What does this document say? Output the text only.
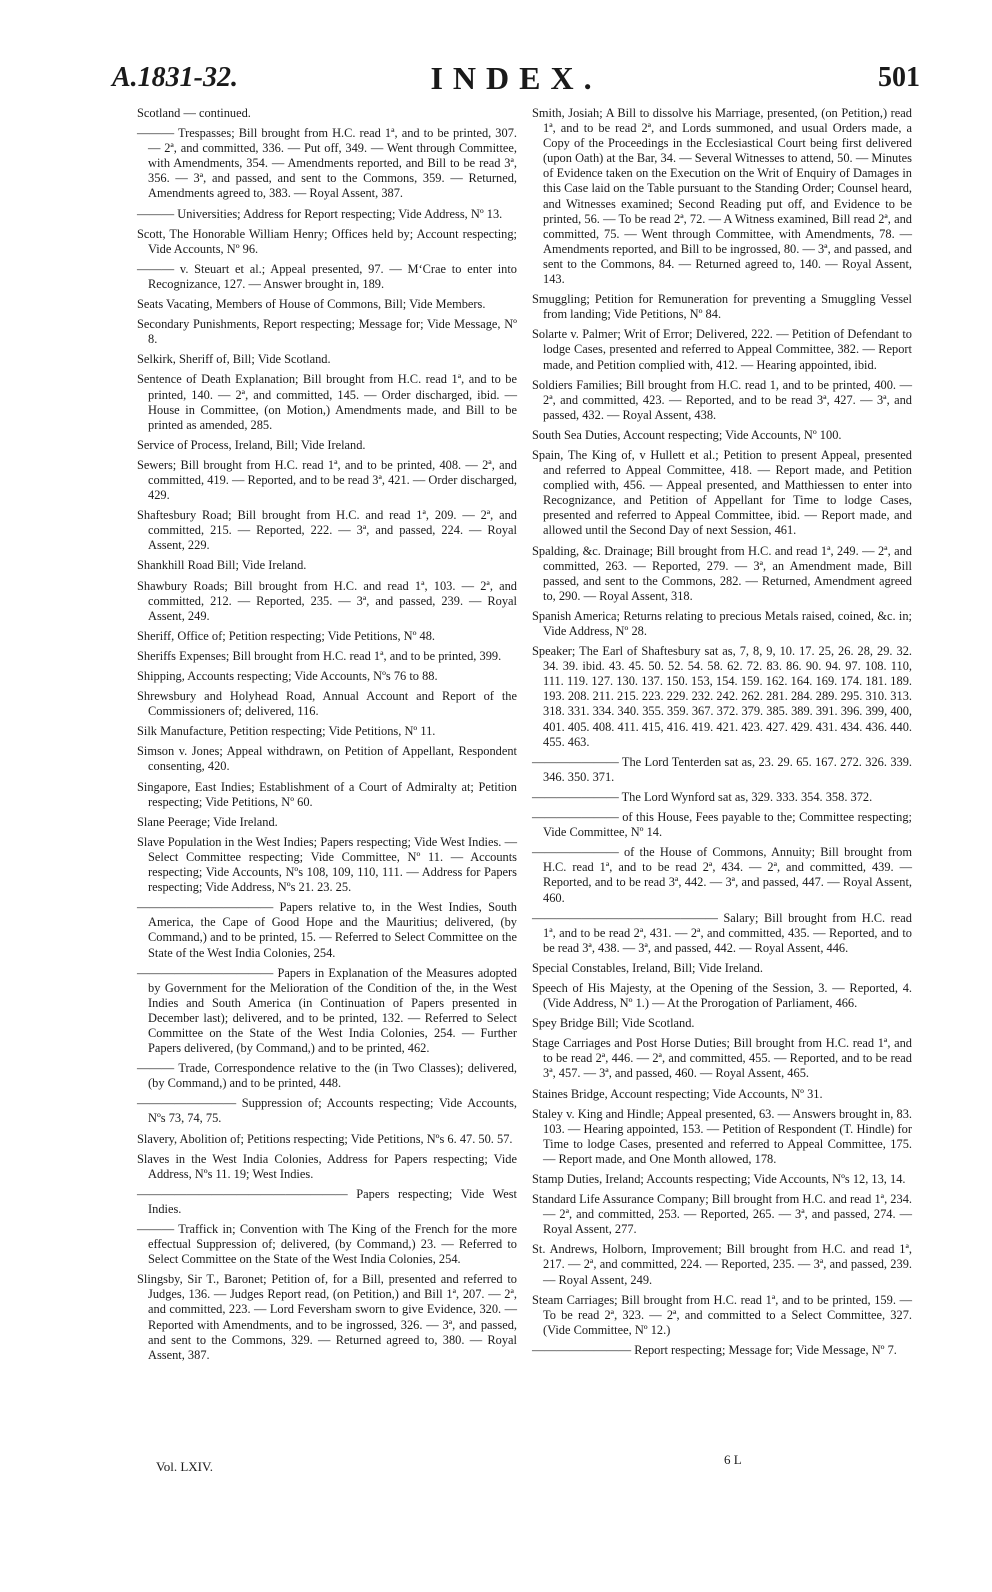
A.1831-32.	INDEX.	501

Scotland — continued.

——— Trespasses; Bill brought from H.C. read 1ª, and to be printed, 307. — 2ª, and committed, 336. — Put off, 349. — Went through Committee, with Amendments, 354. — Amendments reported, and Bill to be read 3ª, 356. — 3ª, and passed, and sent to the Commons, 359. — Returned, Amendments agreed to, 383. — Royal Assent, 387.

——— Universities; Address for Report respecting; Vide Address, Nº 13.

Scott, The Honorable William Henry; Offices held by; Account respecting; Vide Accounts, Nº 96.

——— v. Steuart et al.; Appeal presented, 97. — M‘Crae to enter into Recognizance, 127. — Answer brought in, 189.

Seats Vacating, Members of House of Commons, Bill; Vide Members.

Secondary Punishments, Report respecting; Message for; Vide Message, Nº 8.

Selkirk, Sheriff of, Bill; Vide Scotland.

Sentence of Death Explanation; Bill brought from H.C. read 1ª, and to be printed, 140. — 2ª, and committed, 145. — Order discharged, ibid. — House in Committee, (on Motion,) Amendments made, and Bill to be printed as amended, 285.

Service of Process, Ireland, Bill; Vide Ireland.

Sewers; Bill brought from H.C. read 1ª, and to be printed, 408. — 2ª, and committed, 419. — Reported, and to be read 3ª, 421. — Order discharged, 429.

Shaftesbury Road; Bill brought from H.C. and read 1ª, 209. — 2ª, and committed, 215. — Reported, 222. — 3ª, and passed, 224. — Royal Assent, 229.

Shankhill Road Bill; Vide Ireland.

Shawbury Roads; Bill brought from H.C. and read 1ª, 103. — 2ª, and committed, 212. — Reported, 235. — 3ª, and passed, 239. — Royal Assent, 249.

Sheriff, Office of; Petition respecting; Vide Petitions, Nº 48.

Sheriffs Expenses; Bill brought from H.C. read 1ª, and to be printed, 399.

Shipping, Accounts respecting; Vide Accounts, Nºs 76 to 88.

Shrewsbury and Holyhead Road, Annual Account and Report of the Commissioners of; delivered, 116.

Silk Manufacture, Petition respecting; Vide Petitions, Nº 11.

Simson v. Jones; Appeal withdrawn, on Petition of Appellant, Respondent consenting, 420.

Singapore, East Indies; Establishment of a Court of Admiralty at; Petition respecting; Vide Petitions, Nº 60.

Slane Peerage; Vide Ireland.

Slave Population in the West Indies; Papers respecting; Vide West Indies. — Select Committee respecting; Vide Committee, Nº 11. — Accounts respecting; Vide Accounts, Nºs 108, 109, 110, 111. — Address for Papers respecting; Vide Address, Nºs 21. 23. 25.

——————————— Papers relative to, in the West Indies, South America, the Cape of Good Hope and the Mauritius; delivered, (by Command,) and to be printed, 15. — Referred to Select Committee on the State of the West India Colonies, 254.

——————————— Papers in Explanation of the Measures adopted by Government for the Melioration of the Condition of the, in the West Indies and South America (in Continuation of Papers presented in December last); delivered, and to be printed, 132. — Referred to Select Committee on the State of the West India Colonies, 254. — Further Papers delivered, (by Command,) and to be printed, 462.

——— Trade, Correspondence relative to the (in Two Classes); delivered, (by Command,) and to be printed, 448.

———————— Suppression of; Accounts respecting; Vide Accounts, Nºs 73, 74, 75.

Slavery, Abolition of; Petitions respecting; Vide Petitions, Nºs 6. 47. 50. 57.

Slaves in the West India Colonies, Address for Papers respecting; Vide Address, Nºs 11. 19; West Indies.

————————————————— Papers respecting; Vide West Indies.

——— Traffick in; Convention with The King of the French for the more effectual Suppression of; delivered, (by Command,) 23. — Referred to Select Committee on the State of the West India Colonies, 254.

Slingsby, Sir T., Baronet; Petition of, for a Bill, presented and referred to Judges, 136. — Judges Report read, (on Petition,) and Bill 1ª, 207. — 2ª, and committed, 223. — Lord Feversham sworn to give Evidence, 320. — Reported with Amendments, and to be ingrossed, 326. — 3ª, and passed, and sent to the Commons, 329. — Returned agreed to, 380. — Royal Assent, 387.

Smith, Josiah; A Bill to dissolve his Marriage, presented, (on Petition,) read 1ª, and to be read 2ª, and Lords summoned, and usual Orders made, a Copy of the Proceedings in the Ecclesiastical Court being first delivered (upon Oath) at the Bar, 34. — Several Witnesses to attend, 50. — Minutes of Evidence taken on the Execution on the Writ of Enquiry of Damages in this Case laid on the Table pursuant to the Standing Order; Counsel heard, and Witnesses examined; Second Reading put off, and Evidence to be printed, 56. — To be read 2ª, 72. — A Witness examined, Bill read 2ª, and committed, 75. — Went through Committee, with Amendments, 78. — Amendments reported, and Bill to be ingrossed, 80. — 3ª, and passed, and sent to the Commons, 84. — Returned agreed to, 140. — Royal Assent, 143.

Smuggling; Petition for Remuneration for preventing a Smuggling Vessel from landing; Vide Petitions, Nº 84.

Solarte v. Palmer; Writ of Error; Delivered, 222. — Petition of Defendant to lodge Cases, presented and referred to Appeal Committee, 382. — Report made, and Petition complied with, 412. — Hearing appointed, ibid.

Soldiers Families; Bill brought from H.C. read 1, and to be printed, 400. — 2ª, and committed, 423. — Reported, and to be read 3ª, 427. — 3ª, and passed, 432. — Royal Assent, 438.

South Sea Duties, Account respecting; Vide Accounts, Nº 100.

Spain, The King of, v Hullett et al.; Petition to present Appeal, presented and referred to Appeal Committee, 418. — Report made, and Petition complied with, 456. — Appeal presented, and Matthiessen to enter into Recognizance, and Petition of Appellant for Time to lodge Cases, presented and referred to Appeal Committee, ibid. — Report made, and allowed until the Second Day of next Session, 461.

Spalding, &c. Drainage; Bill brought from H.C. and read 1ª, 249. — 2ª, and committed, 263. — Reported, 279. — 3ª, an Amendment made, Bill passed, and sent to the Commons, 282. — Returned, Amendment agreed to, 290. — Royal Assent, 318.

Spanish America; Returns relating to precious Metals raised, coined, &c. in; Vide Address, Nº 28.

Speaker; The Earl of Shaftesbury sat as, 7, 8, 9, 10. 17. 25, 26. 28, 29. 32. 34. 39. ibid. 43. 45. 50. 52. 54. 58. 62. 72. 83. 86. 90. 94. 97. 108. 110, 111. 119. 127. 130. 137. 150. 153, 154. 159. 162. 164. 169. 174. 181. 189. 193. 208. 211. 215. 223. 229. 232. 242. 262. 281. 284. 289. 295. 310. 313. 318. 331. 334. 340. 355. 359. 367. 372. 379. 385. 389. 391. 396. 399, 400, 401. 405. 408. 411. 415, 416. 419. 421. 423. 427. 429. 431. 434. 436. 440. 455. 463.

——————— The Lord Tenterden sat as, 23. 29. 65. 167. 272. 326. 339. 346. 350. 371.

——————— The Lord Wynford sat as, 329. 333. 354. 358. 372.

——————— of this House, Fees payable to the; Committee respecting; Vide Committee, Nº 14.

——————— of the House of Commons, Annuity; Bill brought from H.C. read 1ª, and to be read 2ª, 434. — 2ª, and committed, 439. — Reported, and to be read 3ª, 442. — 3ª, and passed, 447. — Royal Assent, 460.

——————————————— Salary; Bill brought from H.C. read 1ª, and to be read 2ª, 431. — 2ª, and committed, 435. — Reported, and to be read 3ª, 438. — 3ª, and passed, 442. — Royal Assent, 446.

Special Constables, Ireland, Bill; Vide Ireland.

Speech of His Majesty, at the Opening of the Session, 3. — Reported, 4. (Vide Address, Nº 1.) — At the Prorogation of Parliament, 466.

Spey Bridge Bill; Vide Scotland.

Stage Carriages and Post Horse Duties; Bill brought from H.C. read 1ª, and to be read 2ª, 446. — 2ª, and committed, 455. — Reported, and to be read 3ª, 457. — 3ª, and passed, 460. — Royal Assent, 465.

Staines Bridge, Account respecting; Vide Accounts, Nº 31.

Staley v. King and Hindle; Appeal presented, 63. — Answers brought in, 83. 103. — Hearing appointed, 153. — Petition of Respondent (T. Hindle) for Time to lodge Cases, presented and referred to Appeal Committee, 175. — Report made, and One Month allowed, 178.

Stamp Duties, Ireland; Accounts respecting; Vide Accounts, Nºs 12, 13, 14.

Standard Life Assurance Company; Bill brought from H.C. and read 1ª, 234. — 2ª, and committed, 253. — Reported, 265. — 3ª, and passed, 274. — Royal Assent, 277.

St. Andrews, Holborn, Improvement; Bill brought from H.C. and read 1ª, 217. — 2ª, and committed, 224. — Reported, 235. — 3ª, and passed, 239. — Royal Assent, 249.

Steam Carriages; Bill brought from H.C. read 1ª, and to be printed, 159. — To be read 2ª, 323. — 2ª, and committed to a Select Committee, 327. (Vide Committee, Nº 12.)

———————— Report respecting; Message for; Vide Message, Nº 7.

Vol. LXIV.	6 L
